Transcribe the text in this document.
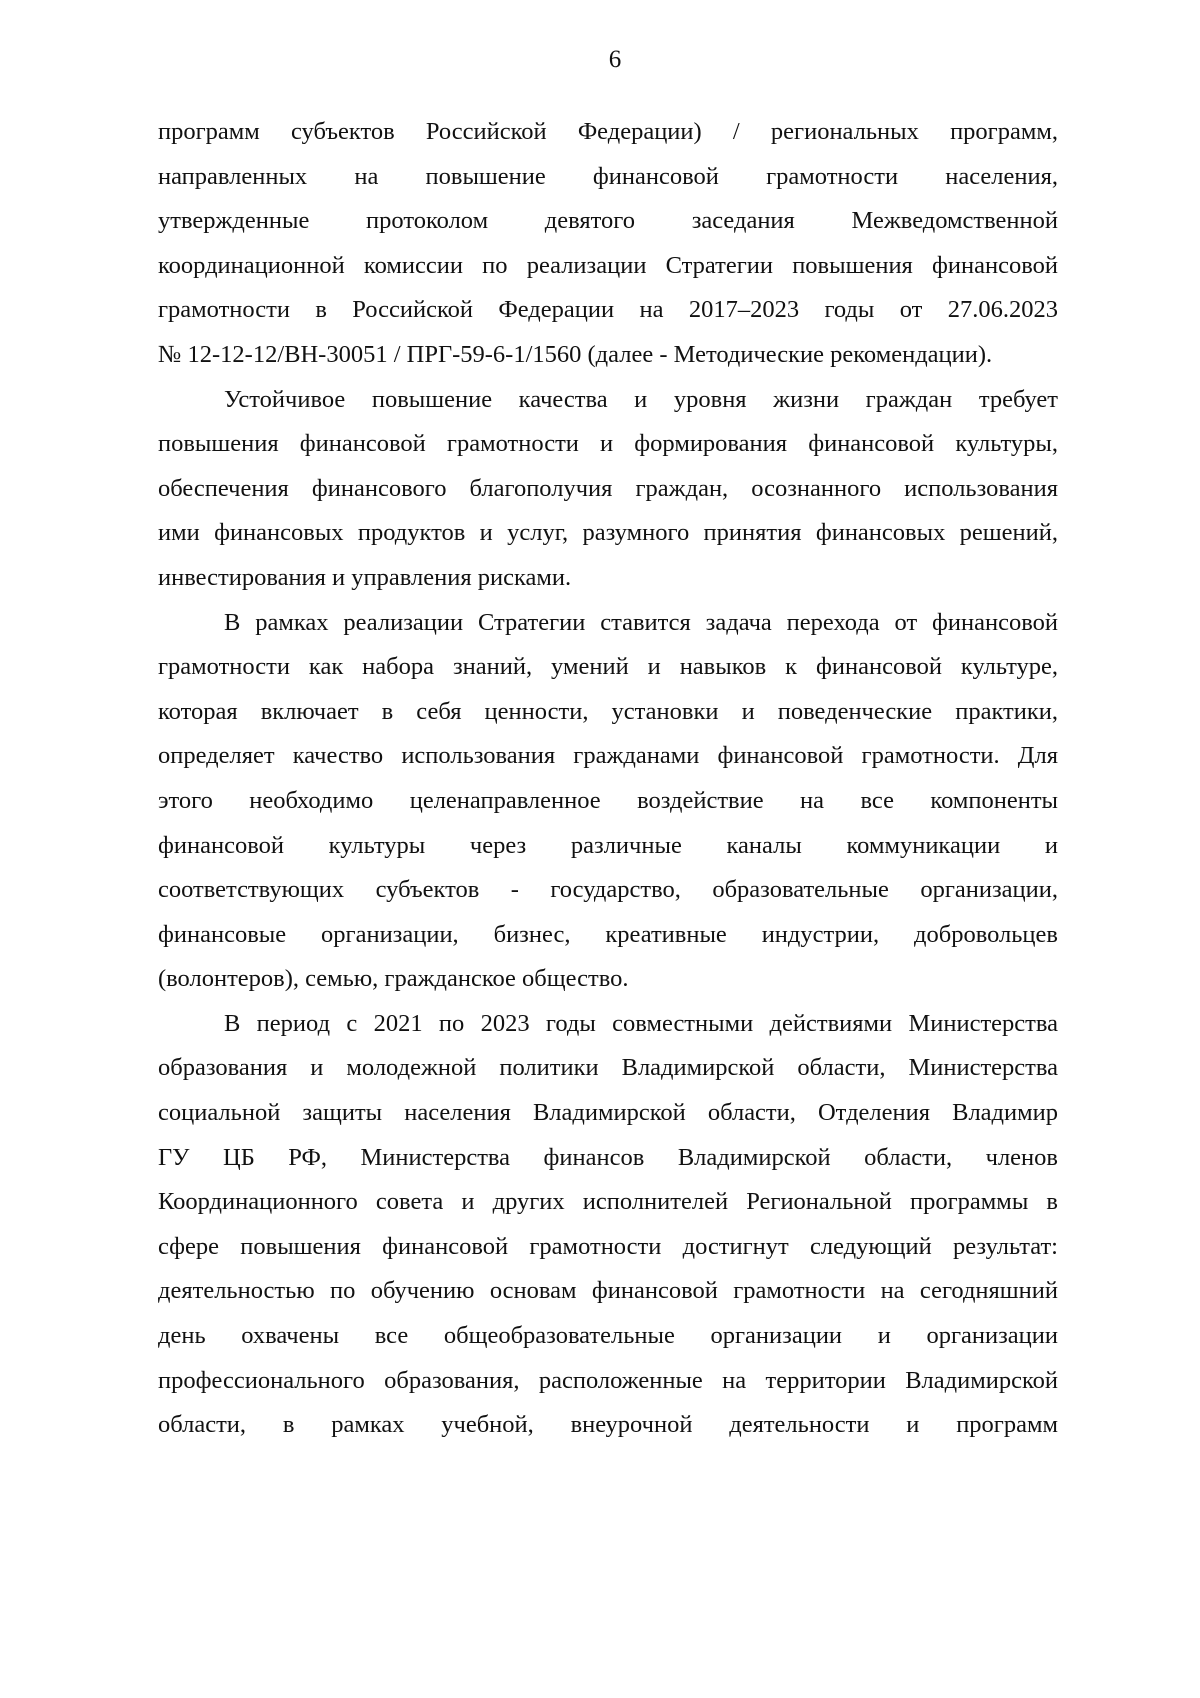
6
программ субъектов Российской Федерации) / региональных программ,
направленных на повышение финансовой грамотности населения,
утвержденные протоколом девятого заседания Межведомственной
координационной комиссии по реализации Стратегии повышения финансовой
грамотности в Российской Федерации на 2017–2023 годы от 27.06.2023
№ 12-12-12/ВН-30051 / ПРГ-59-6-1/1560 (далее - Методические рекомендации).
Устойчивое повышение качества и уровня жизни граждан требует
повышения финансовой грамотности и формирования финансовой культуры,
обеспечения финансового благополучия граждан, осознанного использования
ими финансовых продуктов и услуг, разумного принятия финансовых решений,
инвестирования и управления рисками.
В рамках реализации Стратегии ставится задача перехода от финансовой
грамотности как набора знаний, умений и навыков к финансовой культуре,
которая включает в себя ценности, установки и поведенческие практики,
определяет качество использования гражданами финансовой грамотности. Для
этого необходимо целенаправленное воздействие на все компоненты
финансовой культуры через различные каналы коммуникации и
соответствующих субъектов - государство, образовательные организации,
финансовые организации, бизнес, креативные индустрии, добровольцев
(волонтеров), семью, гражданское общество.
В период с 2021 по 2023 годы совместными действиями Министерства
образования и молодежной политики Владимирской области, Министерства
социальной защиты населения Владимирской области, Отделения Владимир
ГУ ЦБ РФ, Министерства финансов Владимирской области, членов
Координационного совета и других исполнителей Региональной программы в
сфере повышения финансовой грамотности достигнут следующий результат:
деятельностью по обучению основам финансовой грамотности на сегодняшний
день охвачены все общеобразовательные организации и организации
профессионального образования, расположенные на территории Владимирской
области, в рамках учебной, внеурочной деятельности и программ
